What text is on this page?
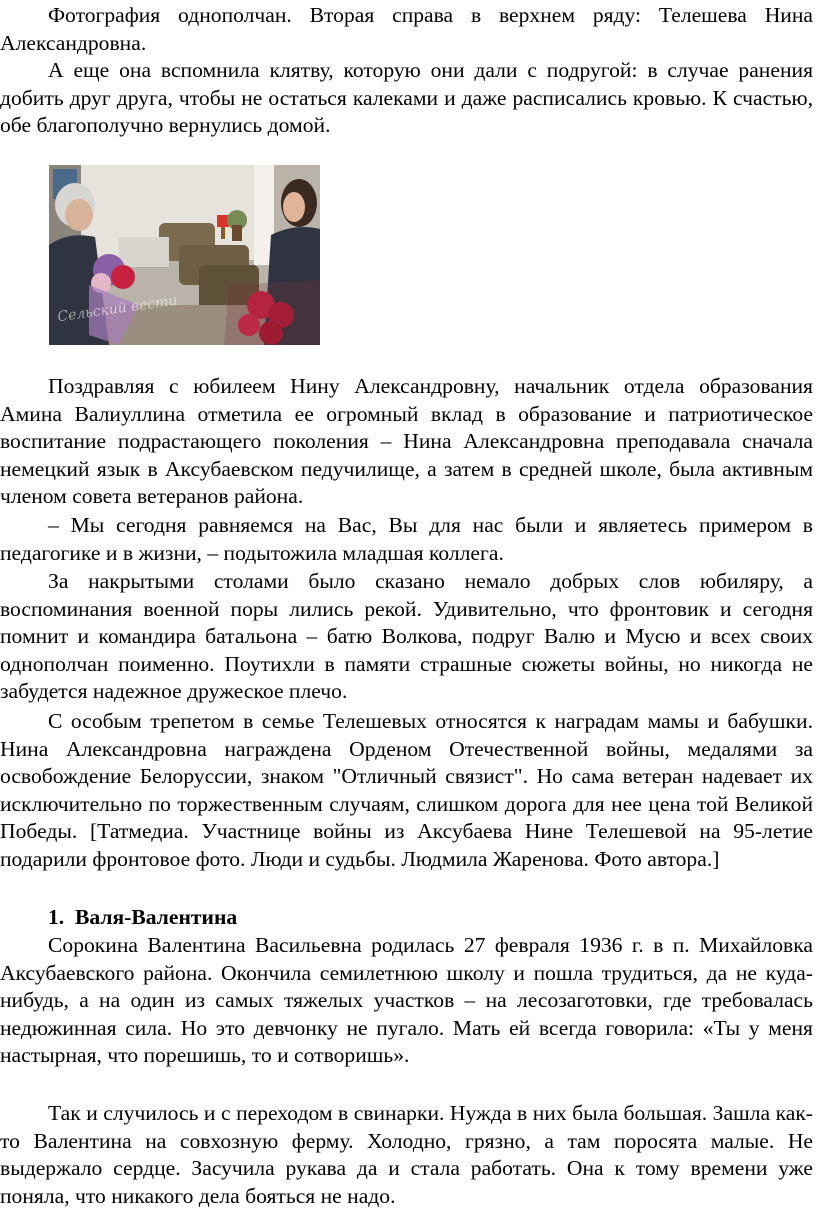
Фотография однополчан. Вторая справа в верхнем ряду: Телешева Нина Александровна.

А еще она вспомнила клятву, которую они дали с подругой: в случае ранения добить друг друга, чтобы не остаться калеками и даже расписались кровью. К счастью, обе благополучно вернулись домой.

Сельский вести

Поздравляя с юбилеем Нину Александровну, начальник отдела образования Амина Валиуллина отметила ее огромный вклад в образование и патриотическое воспитание подрастающего поколения – Нина Александровна преподавала сначала немецкий язык в Аксубаевском педучилище, а затем в средней школе, была активным членом совета ветеранов района.

– Мы сегодня равняемся на Вас, Вы для нас были и являетесь примером в педагогике и в жизни, – подытожила младшая коллега.

За накрытыми столами было сказано немало добрых слов юбиляру, а воспоминания военной поры лились рекой. Удивительно, что фронтовик и сегодня помнит и командира батальона – батю Волкова, подруг Валю и Мусю и всех своих однополчан поименно. Поутихли в памяти страшные сюжеты войны, но никогда не забудется надежное дружеское плечо.

С особым трепетом в семье Телешевых относятся к наградам мамы и бабушки. Нина Александровна награждена Орденом Отечественной войны, медалями за освобождение Белоруссии, знаком "Отличный связист". Но сама ветеран надевает их исключительно по торжественным случаям, слишком дорога для нее цена той Великой Победы. [Татмедиа. Участнице войны из Аксубаева Нине Телешевой на 95-летие подарили фронтовое фото. Люди и судьбы. Людмила Жаренова. Фото автора.]

1. Валя-Валентина

Сорокина Валентина Васильевна родилась 27 февраля 1936 г. в п. Михайловка Аксубаевского района. Окончила семилетнюю школу и пошла трудиться, да не куда-нибудь, а на один из самых тяжелых участков – на лесозаготовки, где требовалась недюжинная сила. Но это девчонку не пугало. Мать ей всегда говорила: «Ты у меня настырная, что порешишь, то и сотворишь».

Так и случилось и с переходом в свинарки. Нужда в них была большая. Зашла как-то Валентина на совхозную ферму. Холодно, грязно, а там поросята малые. Не выдержало сердце. Засучила рукава да и стала работать. Она к тому времени уже поняла, что никакого дела бояться не надо.
